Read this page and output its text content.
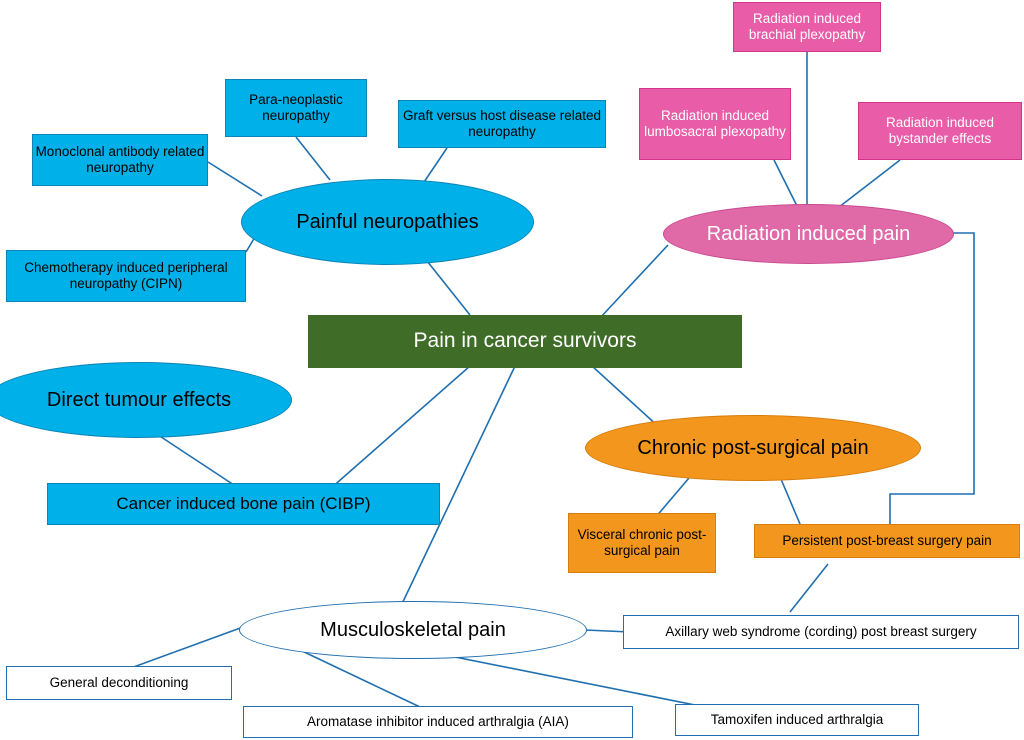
Radiation induced brachial plexopathy
Radiation induced lumbosacral plexopathy
Radiation induced bystander effects
Para-neoplastic neuropathy	Graft versus host disease related neuropathy
Monoclonal antibody related neuropathy
Chemotherapy induced peripheral neuropathy (CIPN)
Cancer induced bone pain (CIBP)
Visceral chronic post-surgical pain
Persistent post-breast surgery pain
Axillary web syndrome (cording) post breast surgery
General deconditioning
Aromatase inhibitor induced arthralgia (AIA)	Tamoxifen induced arthralgia
Painful neuropathies
Radiation induced pain
Direct tumour effects
Chronic post-surgical pain
Musculoskeletal pain
Pain in cancer survivors
